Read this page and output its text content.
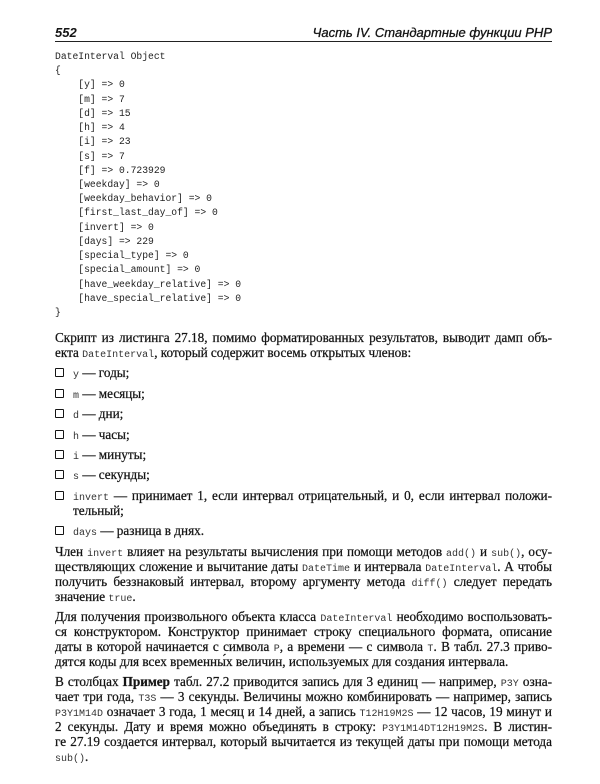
552	Часть IV. Стандартные функции PHP
DateInterval Object
{
[y] => 0
[m] => 7
[d] => 15
[h] => 4
[i] => 23
[s] => 7
[f] => 0.723929
[weekday] => 0
[weekday_behavior] => 0
[first_last_day_of] => 0
[invert] => 0
[days] => 229
[special_type] => 0
[special_amount] => 0
[have_weekday_relative] => 0
[have_special_relative] => 0
}
Скрипт из листинга 27.18, помимо форматированных результатов, выводит дамп объ-
екта DateInterval, который содержит восемь открытых членов:
y — годы;
m — месяцы;
d — дни;
h — часы;
i — минуты;
s — секунды;
invert — принимает 1, если интервал отрицательный, и 0, если интервал положи-
тельный;
days — разница в днях.
Член invert влияет на результаты вычисления при помощи методов add() и sub(), осу-
ществляющих сложение и вычитание даты DateTime и интервала DateInterval. А чтобы
получить беззнаковый интервал, второму аргументу метода diff() следует передать
значение true.
Для получения произвольного объекта класса DateInterval необходимо воспользовать-
ся конструктором. Конструктор принимает строку специального формата, описание
даты в которой начинается с символа P, а времени — с символа T. В табл. 27.3 приво-
дятся коды для всех временны́х величин, используемых для создания интервала.
В столбцах Пример табл. 27.2 приводится запись для 3 единиц — например, P3Y озна-
чает три года, T3S — 3 секунды. Величины можно комбинировать — например, запись
P3Y1M14D означает 3 года, 1 месяц и 14 дней, а запись T12H19M2S — 12 часов, 19 минут и
2 секунды. Дату и время можно объединять в строку: P3Y1M14DT12H19M2S. В листин-
ге 27.19 создается интервал, который вычитается из текущей даты при помощи метода
sub().
